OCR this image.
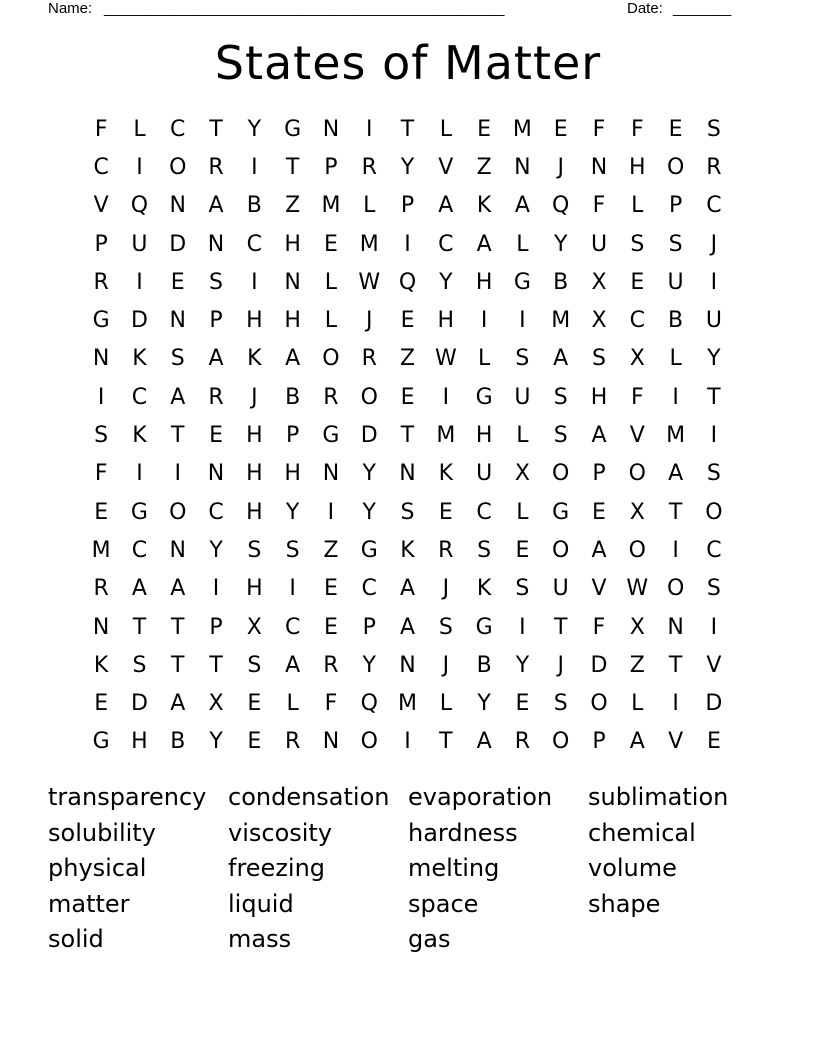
Name: ________________________________________________	Date: _______
States of Matter
F	L	C	T	Y	G N	I	T	L	E M E	F	F	E	S
C	I	O R	I	T	P	R	Y	V	Z	N	J	N H O R
V	Q N	A	B	Z M	L	P	A	K	A	Q	F	L	P	C
P	U D N	C	H	E M	I	C	A	L	Y	U	S	S	J
R	I	E	S	I	N	L W Q	Y	H G	B	X	E	U	I
G D N	P	H H	L	J	E	H	I	I	M X	C	B	U
N	K	S	A	K	A	O R	Z W L	S	A	S	X	L	Y
I	C	A	R	J	B	R O	E	I	G U	S	H	F	I	T
S	K	T	E	H	P	G D	T	M H	L	S	A	V M	I
F	I	I	N H H N	Y	N	K	U	X	O	P	O	A	S
E	G O C	H	Y	I	Y	S	E	C	L	G	E	X	T	O
M C	N	Y	S	S	Z	G	K	R	S	E	O	A	O	I	C
R	A	A	I	H	I	E	C	A	J	K	S	U	V W O	S
N	T	T	P	X	C	E	P	A	S	G	I	T	F	X	N	I
K	S	T	T	S	A	R	Y	N	J	B	Y	J	D	Z	T	V
E	D	A	X	E	L	F	Q M	L	Y	E	S	O	L	I	D
G H	B	Y	E	R	N O	I	T	A	R O	P	A	V	E
transparency condensation evaporation	sublimation
solubility	viscosity	hardness	chemical
physical	freezing	melting	volume
matter	liquid	space	shape
solid	mass	gas
